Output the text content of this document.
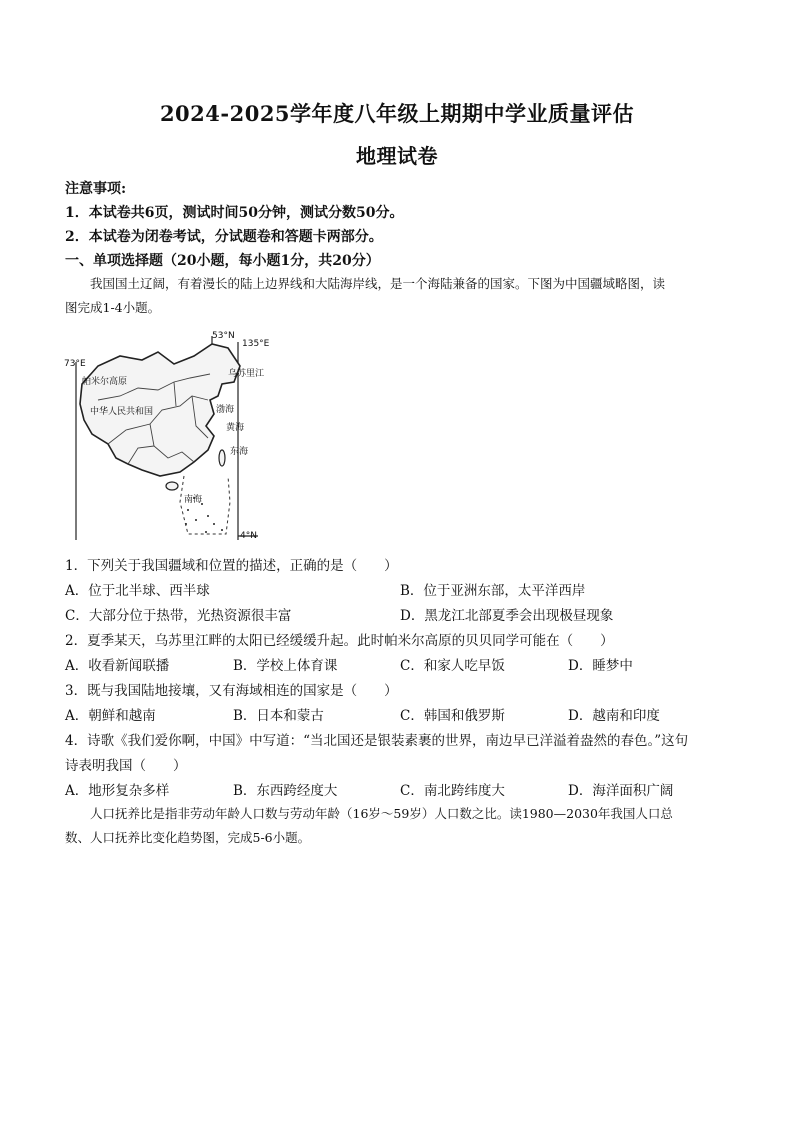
2024-2025学年度八年级上期期中学业质量评估
地理试卷
注意事项:
1．本试卷共6页，测试时间50分钟，测试分数50分。
2．本试卷为闭卷考试，分试题卷和答题卡两部分。
一、单项选择题（20小题，每小题1分，共20分）
我国国土辽阔，有着漫长的陆上边界线和大陆海岸线，是一个海陆兼备的国家。下图为中国疆域略图，读
图完成1-4小题。
53°N
135°E
73°E
帕米尔高原
中华人民共和国
乌苏里江
渤海
黄海
东海
南海
4°N
1．下列关于我国疆域和位置的描述，正确的是（　　）
A．位于北半球、西半球	B．位于亚洲东部，太平洋西岸
C．大部分位于热带，光热资源很丰富	D．黑龙江北部夏季会出现极昼现象
2．夏季某天，乌苏里江畔的太阳已经缓缓升起。此时帕米尔高原的贝贝同学可能在（　　）
A．收看新闻联播	B．学校上体育课	C．和家人吃早饭	D．睡梦中
3．既与我国陆地接壤，又有海域相连的国家是（　　）
A．朝鲜和越南	B．日本和蒙古	C．韩国和俄罗斯	D．越南和印度
4．诗歌《我们爱你啊，中国》中写道：“当北国还是银装素裹的世界，南边早已洋溢着盎然的春色。”这句
诗表明我国（　　）
A．地形复杂多样	B．东西跨经度大	C．南北跨纬度大	D．海洋面积广阔
人口抚养比是指非劳动年龄人口数与劳动年龄（16岁～59岁）人口数之比。读1980—2030年我国人口总
数、人口抚养比变化趋势图，完成5-6小题。
